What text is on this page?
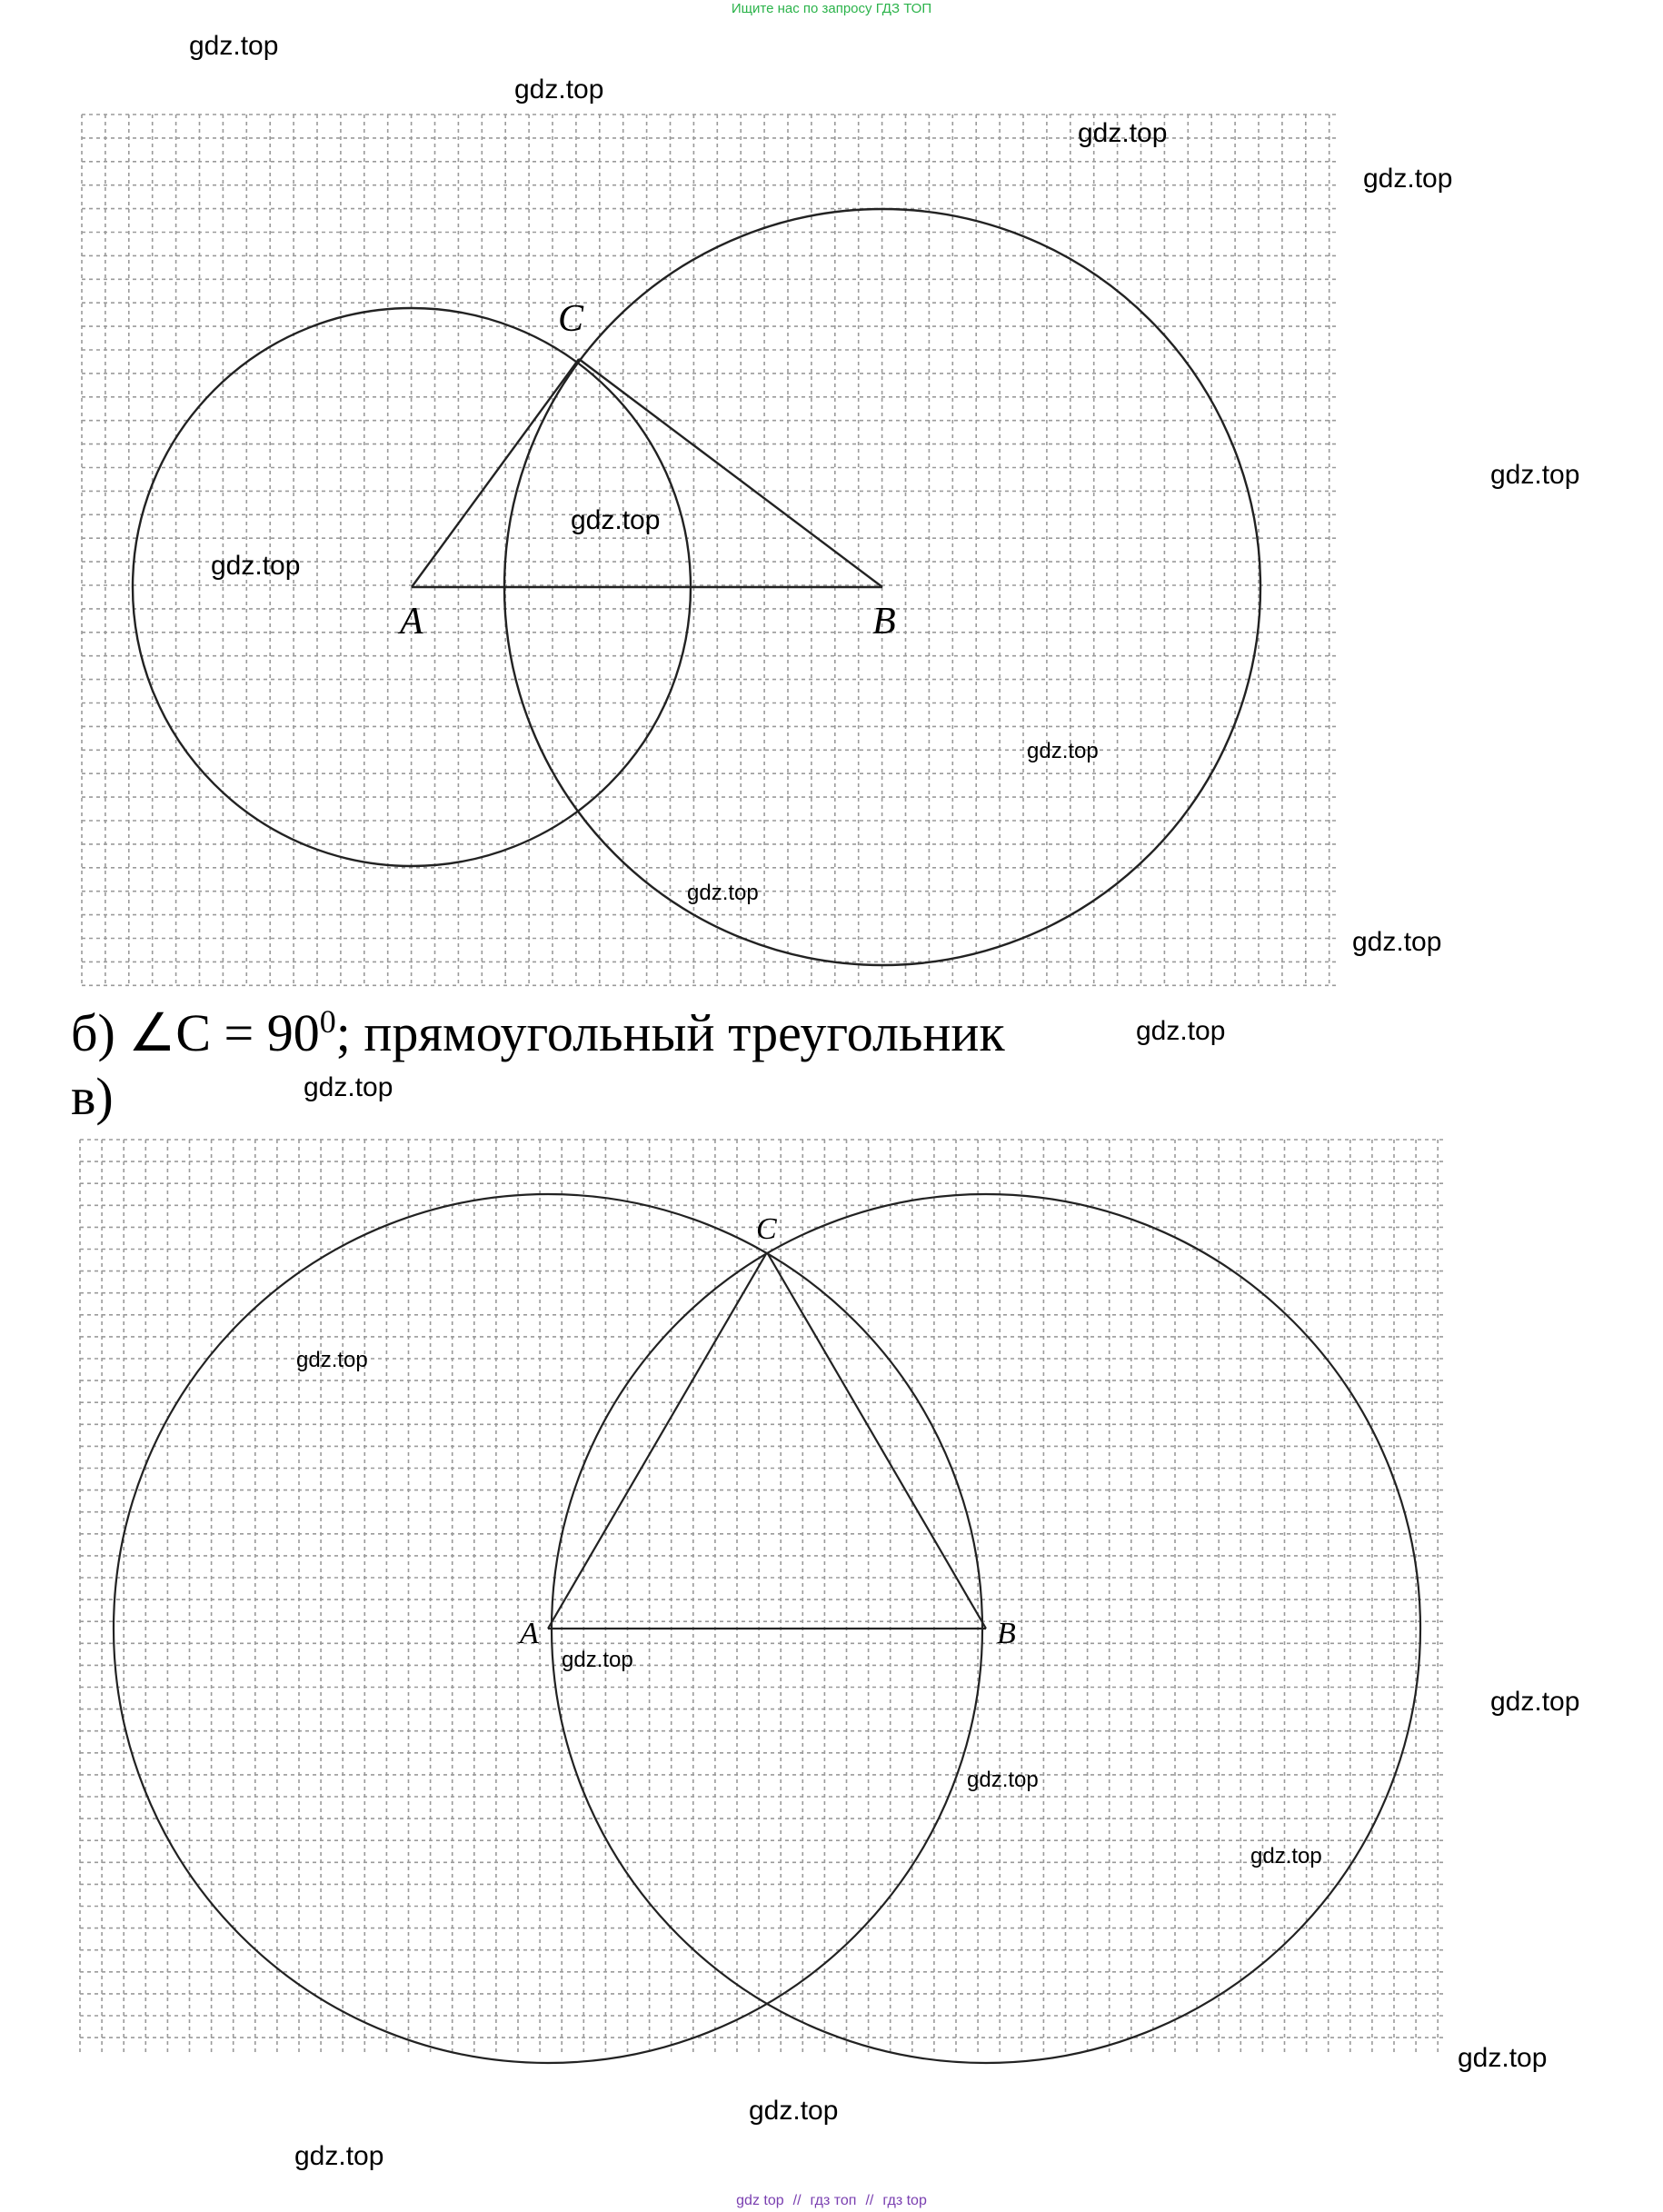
Ищите нас по запросу ГДЗ ТОП
C
A	B
б) ∠C = $90^0$; прямоугольный треугольник
в)
C
A	B
gdz.top
gdz.top
gdz.top
gdz.top
gdz.top
gdz.top
gdz.top
gdz.top
gdz.top
gdz.top
gdz.top
gdz.top
gdz.top
gdz.top
gdz.top
gdz.top
gdz.top
gdz.top
gdz.top
gdz.top
gdz top // гдз топ // гдз top
